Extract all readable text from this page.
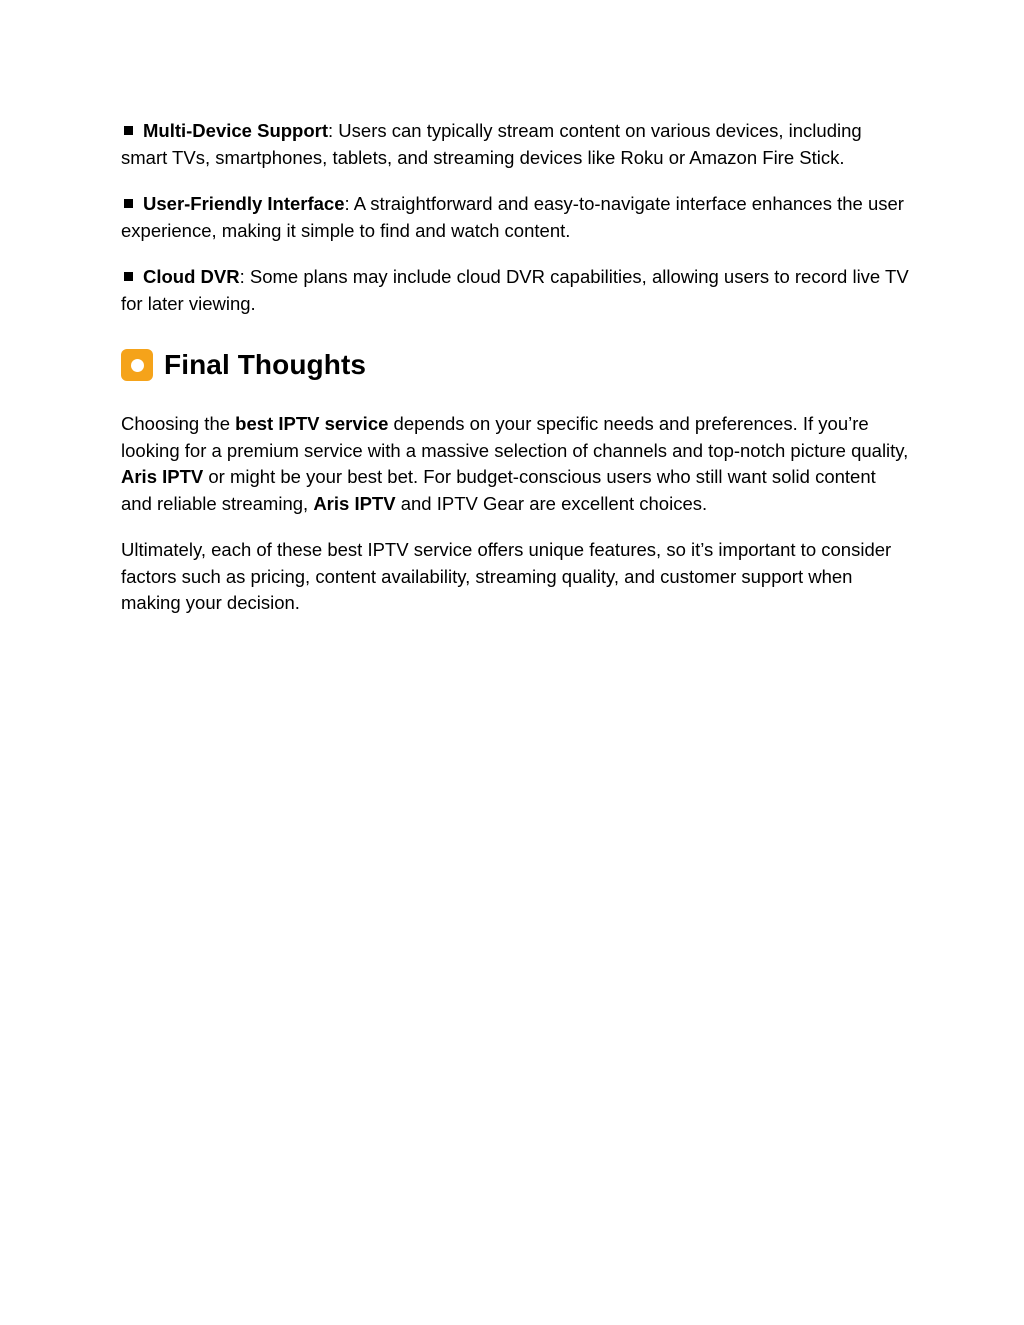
Multi-Device Support: Users can typically stream content on various devices, including smart TVs, smartphones, tablets, and streaming devices like Roku or Amazon Fire Stick.

User-Friendly Interface: A straightforward and easy-to-navigate interface enhances the user experience, making it simple to find and watch content.

Cloud DVR: Some plans may include cloud DVR capabilities, allowing users to record live TV for later viewing.

Final Thoughts

Choosing the best IPTV service depends on your specific needs and preferences. If you’re looking for a premium service with a massive selection of channels and top-notch picture quality, Aris IPTV or might be your best bet. For budget-conscious users who still want solid content and reliable streaming, Aris IPTV and IPTV Gear are excellent choices.

Ultimately, each of these best IPTV service offers unique features, so it’s important to consider factors such as pricing, content availability, streaming quality, and customer support when making your decision.
